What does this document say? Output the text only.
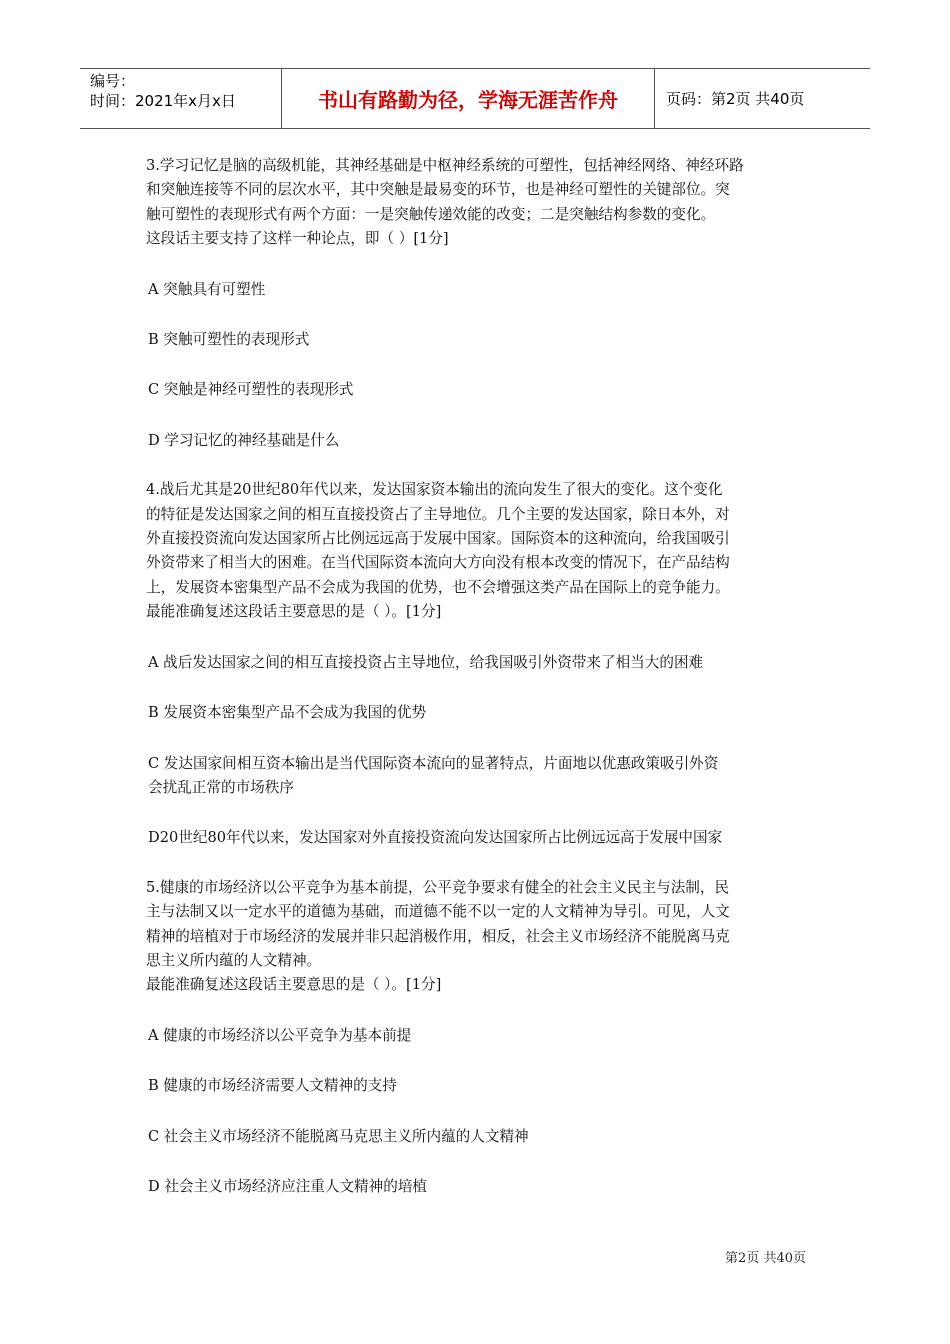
编号：
时间：2021年x月x日	书山有路勤为径，学海无涯苦作舟	页码：第2页 共40页
3.学习记忆是脑的高级机能，其神经基础是中枢神经系统的可塑性，包括神经网络、神经环路
和突触连接等不同的层次水平，其中突触是最易变的环节，也是神经可塑性的关键部位。突
触可塑性的表现形式有两个方面：一是突触传递效能的改变；二是突触结构参数的变化。
这段话主要支持了这样一种论点，即（ ）[1分]
A 突触具有可塑性
B 突触可塑性的表现形式
C 突触是神经可塑性的表现形式
D 学习记忆的神经基础是什么
4.战后尤其是20世纪80年代以来，发达国家资本输出的流向发生了很大的变化。这个变化
的特征是发达国家之间的相互直接投资占了主导地位。几个主要的发达国家，除日本外，对
外直接投资流向发达国家所占比例远远高于发展中国家。国际资本的这种流向，给我国吸引
外资带来了相当大的困难。在当代国际资本流向大方向没有根本改变的情况下，在产品结构
上，发展资本密集型产品不会成为我国的优势，也不会增强这类产品在国际上的竞争能力。
最能准确复述这段话主要意思的是（ ）。[1分]
A 战后发达国家之间的相互直接投资占主导地位，给我国吸引外资带来了相当大的困难
B 发展资本密集型产品不会成为我国的优势
C 发达国家间相互资本输出是当代国际资本流向的显著特点，片面地以优惠政策吸引外资
会扰乱正常的市场秩序
D20世纪80年代以来，发达国家对外直接投资流向发达国家所占比例远远高于发展中国家
5.健康的市场经济以公平竞争为基本前提，公平竞争要求有健全的社会主义民主与法制，民
主与法制又以一定水平的道德为基础，而道德不能不以一定的人文精神为导引。可见，人文
精神的培植对于市场经济的发展并非只起消极作用，相反，社会主义市场经济不能脱离马克
思主义所内蕴的人文精神。
最能准确复述这段话主要意思的是（ ）。[1分]
A 健康的市场经济以公平竞争为基本前提
B 健康的市场经济需要人文精神的支持
C 社会主义市场经济不能脱离马克思主义所内蕴的人文精神
D 社会主义市场经济应注重人文精神的培植
第2页 共40页
